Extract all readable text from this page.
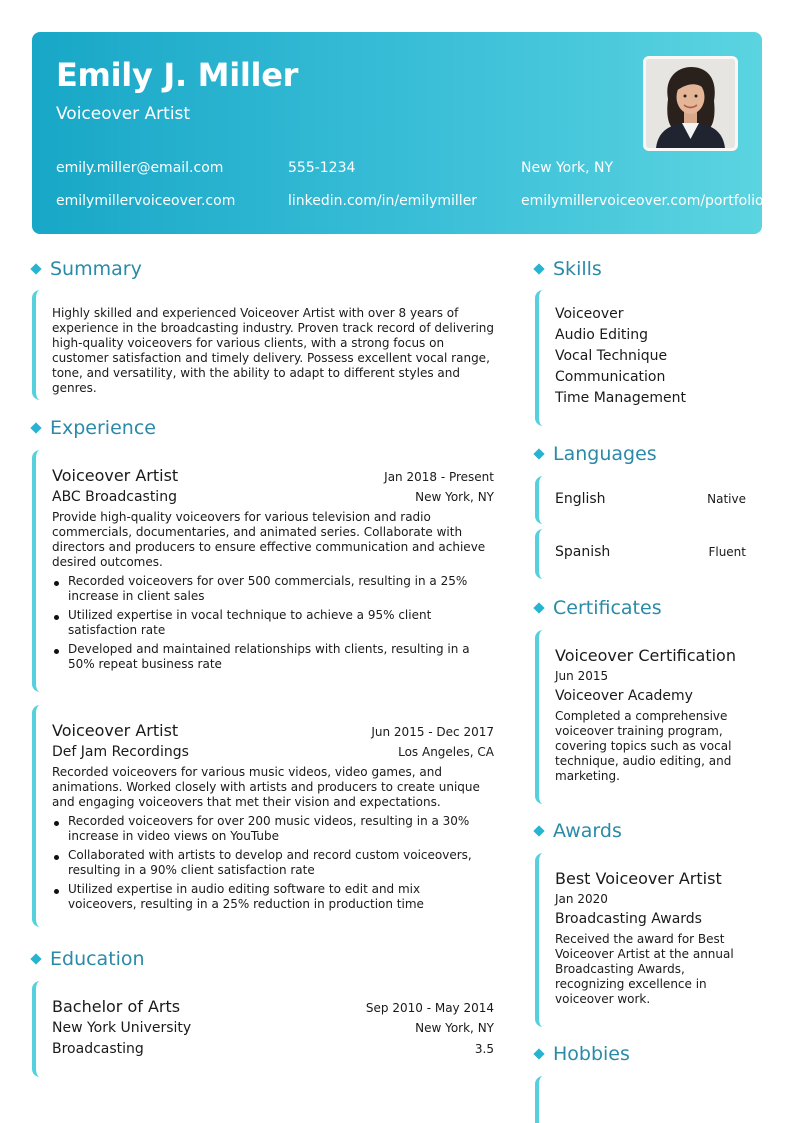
Emily J. Miller
Voiceover Artist
emily.miller@email.com	555-1234	New York, NY
emilymillervoiceover.com	linkedin.com/in/emilymiller	emilymillervoiceover.com/portfolio
Summary
Highly skilled and experienced Voiceover Artist with over 8 years of experience in the broadcasting industry. Proven track record of delivering high-quality voiceovers for various clients, with a strong focus on customer satisfaction and timely delivery. Possess excellent vocal range, tone, and versatility, with the ability to adapt to different styles and genres.
Experience
Voiceover Artist	Jan 2018 - Present
ABC Broadcasting	New York, NY
Provide high-quality voiceovers for various television and radio commercials, documentaries, and animated series. Collaborate with directors and producers to ensure effective communication and achieve desired outcomes.
Recorded voiceovers for over 500 commercials, resulting in a 25% increase in client sales
Utilized expertise in vocal technique to achieve a 95% client satisfaction rate
Developed and maintained relationships with clients, resulting in a 50% repeat business rate
Voiceover Artist	Jun 2015 - Dec 2017
Def Jam Recordings	Los Angeles, CA
Recorded voiceovers for various music videos, video games, and animations. Worked closely with artists and producers to create unique and engaging voiceovers that met their vision and expectations.
Recorded voiceovers for over 200 music videos, resulting in a 30% increase in video views on YouTube
Collaborated with artists to develop and record custom voiceovers, resulting in a 90% client satisfaction rate
Utilized expertise in audio editing software to edit and mix voiceovers, resulting in a 25% reduction in production time
Education
Bachelor of Arts	Sep 2010 - May 2014
New York University	New York, NY
Broadcasting	3.5
Skills
Voiceover
Audio Editing
Vocal Technique
Communication
Time Management
Languages
English	Native
Spanish	Fluent
Certificates
Voiceover Certification
Jun 2015
Voiceover Academy
Completed a comprehensive voiceover training program, covering topics such as vocal technique, audio editing, and marketing.
Awards
Best Voiceover Artist
Jan 2020
Broadcasting Awards
Received the award for Best Voiceover Artist at the annual Broadcasting Awards, recognizing excellence in voiceover work.
Hobbies
